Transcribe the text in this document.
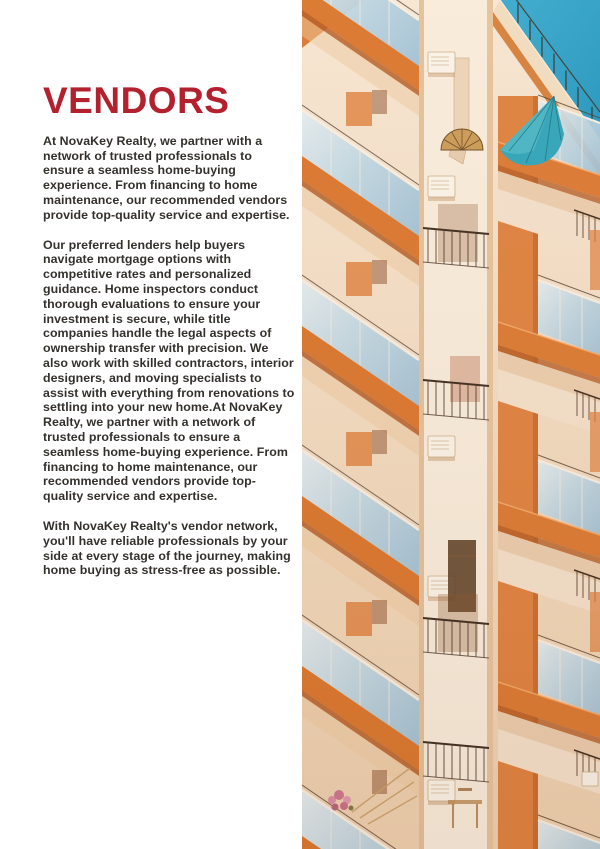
VENDORS

At NovaKey Realty, we partner with a network of trusted professionals to ensure a seamless home-buying experience. From financing to home maintenance, our recommended vendors provide top-quality service and expertise.

Our preferred lenders help buyers navigate mortgage options with competitive rates and personalized guidance. Home inspectors conduct thorough evaluations to ensure your investment is secure, while title companies handle the legal aspects of ownership transfer with precision. We also work with skilled contractors, interior designers, and moving specialists to assist with everything from renovations to settling into your new home.At NovaKey Realty, we partner with a network of trusted professionals to ensure a seamless home-buying experience. From financing to home maintenance, our recommended vendors provide top-quality service and expertise.

With NovaKey Realty's vendor network, you'll have reliable professionals by your side at every stage of the journey, making home buying as stress-free as possible.
